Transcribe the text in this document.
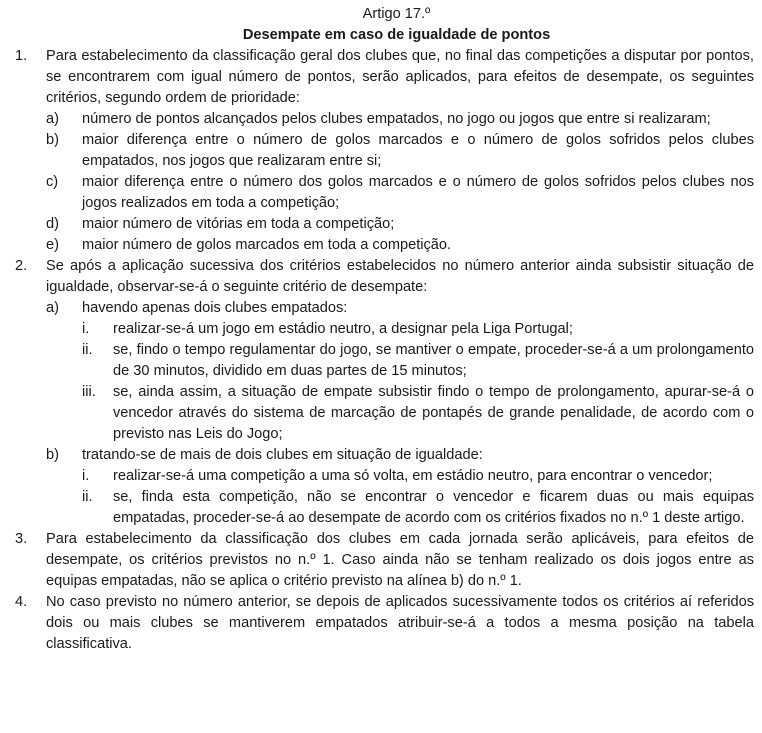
Artigo 17.º
Desempate em caso de igualdade de pontos
1.	Para estabelecimento da classificação geral dos clubes que, no final das competições a disputar por pontos, se encontrarem com igual número de pontos, serão aplicados, para efeitos de desempate, os seguintes critérios, segundo ordem de prioridade:
a)	número de pontos alcançados pelos clubes empatados, no jogo ou jogos que entre si realizaram;
b)	maior diferença entre o número de golos marcados e o número de golos sofridos pelos clubes empatados, nos jogos que realizaram entre si;
c)	maior diferença entre o número dos golos marcados e o número de golos sofridos pelos clubes nos jogos realizados em toda a competição;
d)	maior número de vitórias em toda a competição;
e)	maior número de golos marcados em toda a competição.
2.	Se após a aplicação sucessiva dos critérios estabelecidos no número anterior ainda subsistir situação de igualdade, observar-se-á o seguinte critério de desempate:
a)	havendo apenas dois clubes empatados:
i.	realizar-se-á um jogo em estádio neutro, a designar pela Liga Portugal;
ii.	se, findo o tempo regulamentar do jogo, se mantiver o empate, proceder-se-á a um prolongamento de 30 minutos, dividido em duas partes de 15 minutos;
iii.	se, ainda assim, a situação de empate subsistir findo o tempo de prolongamento, apurar-se-á o vencedor através do sistema de marcação de pontapés de grande penalidade, de acordo com o previsto nas Leis do Jogo;
b)	tratando-se de mais de dois clubes em situação de igualdade:
i.	realizar-se-á uma competição a uma só volta, em estádio neutro, para encontrar o vencedor;
ii.	se, finda esta competição, não se encontrar o vencedor e ficarem duas ou mais equipas empatadas, proceder-se-á ao desempate de acordo com os critérios fixados no n.º 1 deste artigo.
3.	Para estabelecimento da classificação dos clubes em cada jornada serão aplicáveis, para efeitos de desempate, os critérios previstos no n.º 1. Caso ainda não se tenham realizado os dois jogos entre as equipas empatadas, não se aplica o critério previsto na alínea b) do n.º 1.
4.	No caso previsto no número anterior, se depois de aplicados sucessivamente todos os critérios aí referidos dois ou mais clubes se mantiverem empatados atribuir-se-á a todos a mesma posição na tabela classificativa.
